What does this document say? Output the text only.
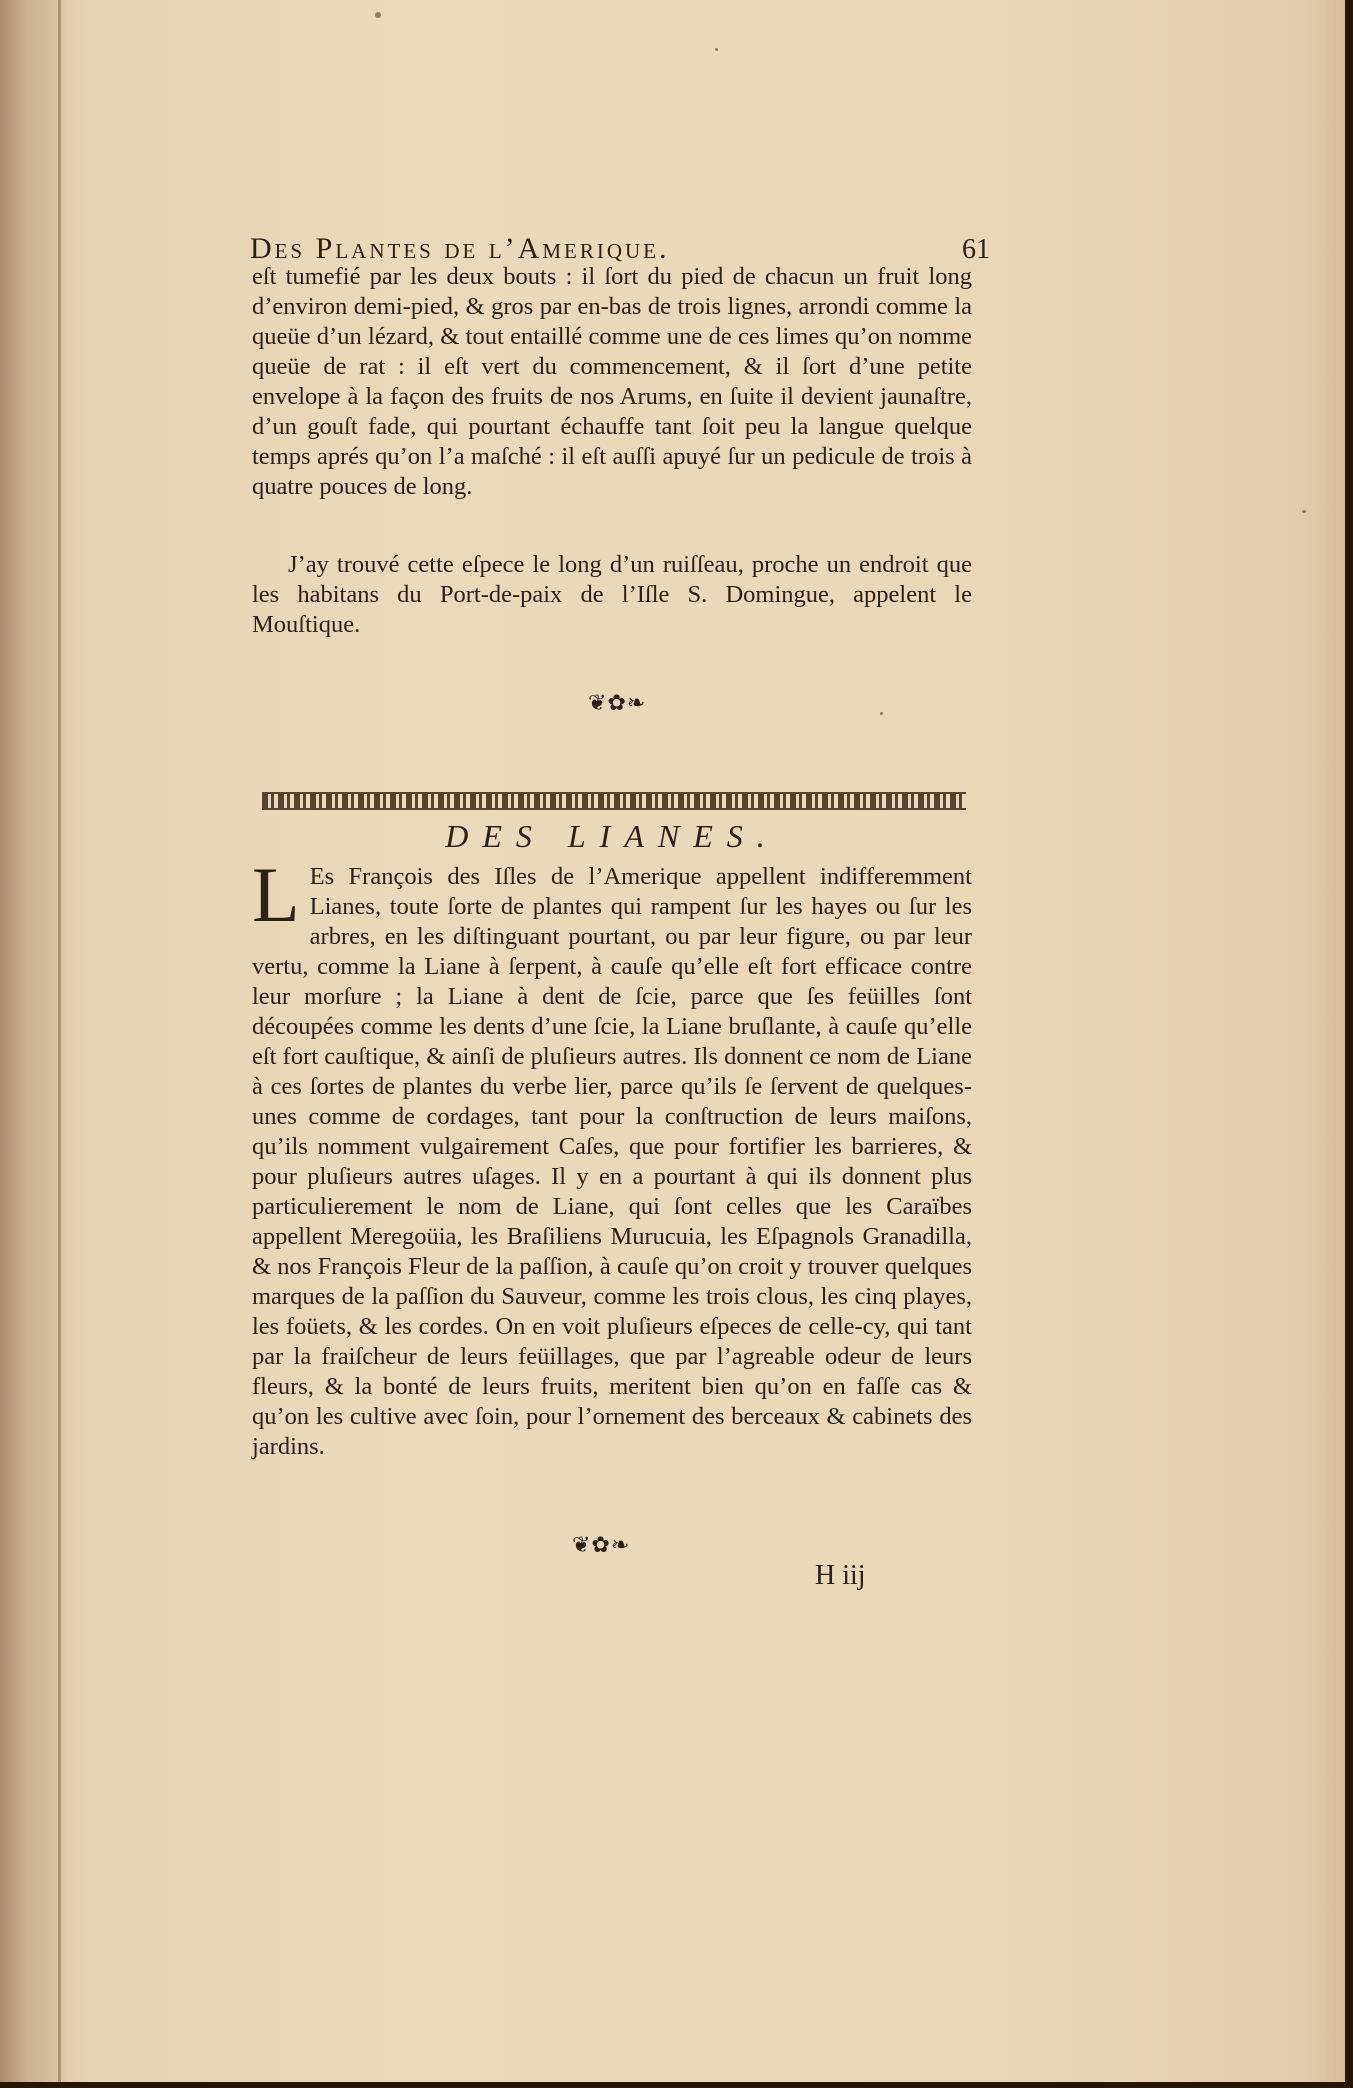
Des Plantes de l’Amerique.	61

eſt tumefié par les deux bouts : il ſort du pied de chacun un fruit long d’environ demi-pied, & gros par en-bas de trois lignes, arrondi comme la queüe d’un lézard, & tout entaillé comme une de ces limes qu’on nomme queüe de rat : il eſt vert du commencement, & il ſort d’une petite envelope à la façon des fruits de nos Arums, en ſuite il devient jaunaſtre, d’un gouſt fade, qui pourtant échauffe tant ſoit peu la langue quelque temps aprés qu’on l’a maſché : il eſt auſſi apuyé ſur un pedicule de trois à quatre pouces de long.

J’ay trouvé cette eſpece le long d’un ruiſſeau, proche un endroit que les habitans du Port-de-paix de l’Iſle S. Domingue, appelent le Mouſtique.

❦✿❧
DES LIANES.
L Es François des Iſles de l’Amerique appellent indifferemment Lianes, toute ſorte de plantes qui rampent ſur les hayes ou ſur les arbres, en les diſtinguant pourtant, ou par leur figure, ou par leur vertu, comme la Liane à ſerpent, à cauſe qu’elle eſt fort efficace contre leur morſure ; la Liane à dent de ſcie, parce que ſes feüilles ſont découpées comme les dents d’une ſcie, la Liane bruſlante, à cauſe qu’elle eſt fort cauſtique, & ainſi de pluſieurs autres. Ils donnent ce nom de Liane à ces ſortes de plantes du verbe lier, parce qu’ils ſe ſervent de quelques-unes comme de cordages, tant pour la conſtruction de leurs maiſons, qu’ils nomment vulgairement Caſes, que pour fortifier les barrieres, & pour pluſieurs autres uſages. Il y en a pourtant à qui ils donnent plus particulierement le nom de Liane, qui ſont celles que les Caraïbes appellent Meregoüia, les Braſiliens Murucuia, les Eſpagnols Granadilla, & nos François Fleur de la paſſion, à cauſe qu’on croit y trouver quelques marques de la paſſion du Sauveur, comme les trois clous, les cinq playes, les foüets, & les cordes. On en voit pluſieurs eſpeces de celle-cy, qui tant par la fraiſcheur de leurs feüillages, que par l’agreable odeur de leurs fleurs, & la bonté de leurs fruits, meritent bien qu’on en faſſe cas & qu’on les cultive avec ſoin, pour l’ornement des berceaux & cabinets des jardins.
❦✿❧
H iij
